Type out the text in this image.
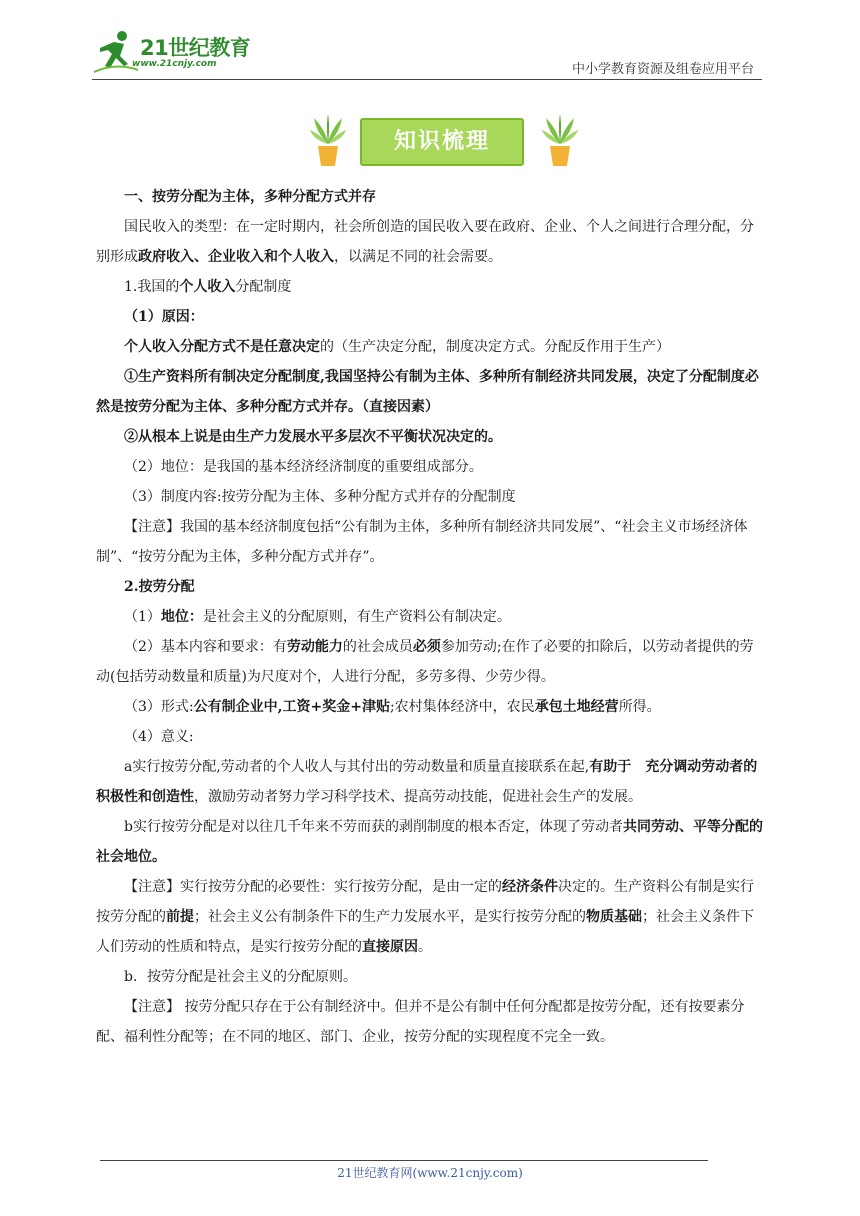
21世纪教育
www.21cnjy.com	中小学教育资源及组卷应用平台
知识梳理

一、按劳分配为主体，多种分配方式并存

国民收入的类型：在一定时期内，社会所创造的国民收入要在政府、企业、个人之间进行合理分配，分别形成政府收入、企业收入和个人收入，以满足不同的社会需要。

1.我国的个人收入分配制度

（1）原因：

个人收入分配方式不是任意决定的（生产决定分配，制度决定方式。分配反作用于生产）

①生产资料所有制决定分配制度,我国坚持公有制为主体、多种所有制经济共同发展，决定了分配制度必然是按劳分配为主体、多种分配方式并存。（直接因素）

②从根本上说是由生产力发展水平多层次不平衡状况决定的。

（2）地位：是我国的基本经济经济制度的重要组成部分。

（3）制度内容:按劳分配为主体、多种分配方式并存的分配制度

【注意】我国的基本经济制度包括“公有制为主体，多种所有制经济共同发展”、“社会主义市场经济体制”、“按劳分配为主体，多种分配方式并存”。

2.按劳分配

（1）地位：是社会主义的分配原则，有生产资料公有制决定。

（2）基本内容和要求：有劳动能力的社会成员必须参加劳动;在作了必要的扣除后，以劳动者提供的劳动(包括劳动数量和质量)为尺度对个，人进行分配，多劳多得、少劳少得。

（3）形式:公有制企业中,工资+奖金+津贴;农村集体经济中，农民承包土地经营所得。

（4）意义:

a实行按劳分配,劳动者的个人收人与其付出的劳动数量和质量直接联系在起,有助于　充分调动劳动者的积极性和创造性，激励劳动者努力学习科学技术、提高劳动技能，促进社会生产的发展。

b实行按劳分配是对以往几千年来不劳而获的剥削制度的根本否定，体现了劳动者共同劳动、平等分配的社会地位。

【注意】实行按劳分配的必要性：实行按劳分配，是由一定的经济条件决定的。生产资料公有制是实行按劳分配的前提；社会主义公有制条件下的生产力发展水平，是实行按劳分配的物质基础；社会主义条件下人们劳动的性质和特点，是实行按劳分配的直接原因。

b．按劳分配是社会主义的分配原则。

【注意】 按劳分配只存在于公有制经济中。但并不是公有制中任何分配都是按劳分配，还有按要素分配、福利性分配等；在不同的地区、部门、企业，按劳分配的实现程度不完全一致。

21世纪教育网(www.21cnjy.com)
